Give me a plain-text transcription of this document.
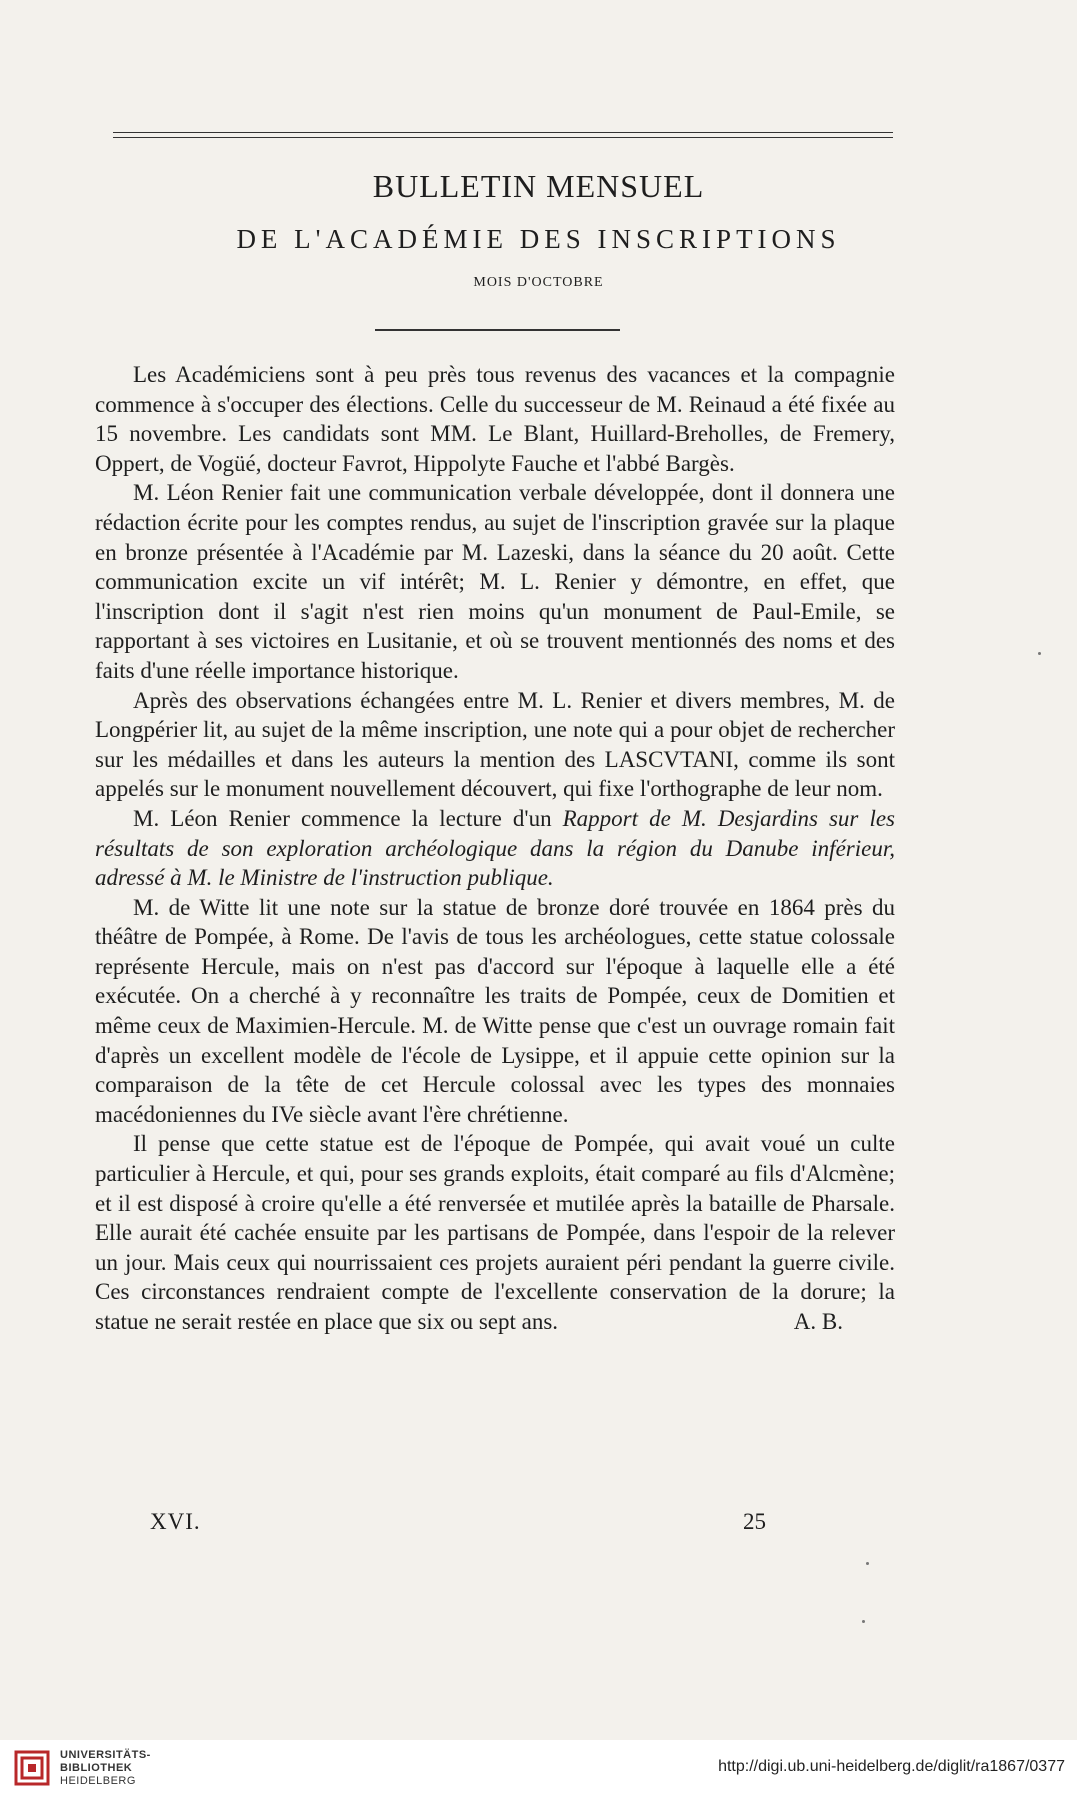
BULLETIN MENSUEL
DE L'ACADÉMIE DES INSCRIPTIONS
MOIS D'OCTOBRE

Les Académiciens sont à peu près tous revenus des vacances et la compagnie commence à s'occuper des élections. Celle du successeur de M. Reinaud a été fixée au 15 novembre. Les candidats sont MM. Le Blant, Huillard-Breholles, de Fremery, Oppert, de Vogüé, docteur Favrot, Hippolyte Fauche et l'abbé Bargès.

M. Léon Renier fait une communication verbale développée, dont il donnera une rédaction écrite pour les comptes rendus, au sujet de l'inscription gravée sur la plaque en bronze présentée à l'Académie par M. Lazeski, dans la séance du 20 août. Cette communication excite un vif intérêt; M. L. Renier y démontre, en effet, que l'inscription dont il s'agit n'est rien moins qu'un monument de Paul-Emile, se rapportant à ses victoires en Lusitanie, et où se trouvent mentionnés des noms et des faits d'une réelle importance historique.

Après des observations échangées entre M. L. Renier et divers membres, M. de Longpérier lit, au sujet de la même inscription, une note qui a pour objet de rechercher sur les médailles et dans les auteurs la mention des LASCVTANI, comme ils sont appelés sur le monument nouvellement découvert, qui fixe l'orthographe de leur nom.

M. Léon Renier commence la lecture d'un Rapport de M. Desjardins sur les résultats de son exploration archéologique dans la région du Danube inférieur, adressé à M. le Ministre de l'instruction publique.

M. de Witte lit une note sur la statue de bronze doré trouvée en 1864 près du théâtre de Pompée, à Rome. De l'avis de tous les archéologues, cette statue colossale représente Hercule, mais on n'est pas d'accord sur l'époque à laquelle elle a été exécutée. On a cherché à y reconnaître les traits de Pompée, ceux de Domitien et même ceux de Maximien-Hercule. M. de Witte pense que c'est un ouvrage romain fait d'après un excellent modèle de l'école de Lysippe, et il appuie cette opinion sur la comparaison de la tête de cet Hercule colossal avec les types des monnaies macédoniennes du IVe siècle avant l'ère chrétienne.

Il pense que cette statue est de l'époque de Pompée, qui avait voué un culte particulier à Hercule, et qui, pour ses grands exploits, était comparé au fils d'Alcmène; et il est disposé à croire qu'elle a été renversée et mutilée après la bataille de Pharsale. Elle aurait été cachée ensuite par les partisans de Pompée, dans l'espoir de la relever un jour. Mais ceux qui nourrissaient ces projets auraient péri pendant la guerre civile. Ces circonstances rendraient compte de l'excellente conservation de la dorure; la statue ne serait restée en place que six ou sept ans.	A. B.

XVI.	25
UNIVERSITÄTS-
BIBLIOTHEK
HEIDELBERG
http://digi.ub.uni-heidelberg.de/diglit/ra1867/0377
